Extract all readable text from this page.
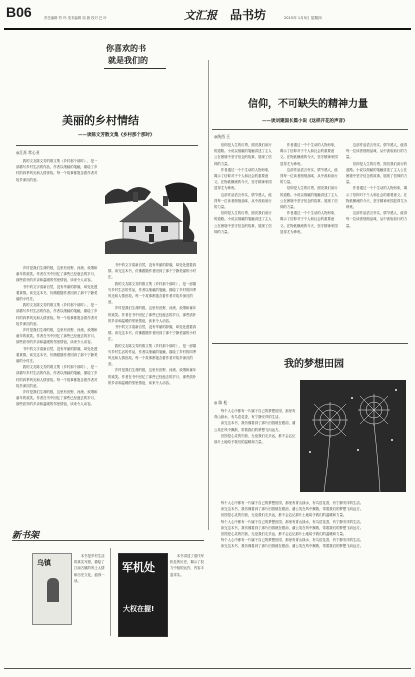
B06	责任编辑 符 玛 美术编辑 周 薇 校对 巴 叶	文汇报 品书坊	2015年 1月5日 星期四
你喜欢的书
就是我们的
美丽的乡村情结
——读陈文芳散文集《乡村那个那时》
◎江苏 常心亚

我的文友陈文芳的散文集《乡村那个那时》，是一部描写乡村生活的作品，作者以细腻的笔触，描绘了乡村的四季风光和人情世故。每一个故事都饱含着作者对故乡深沉的爱。

乡村是我们生命的根，这里有田野、河流、炊烟和童年的欢笑。作者在书中回忆了那些已经逝去的岁月，那些质朴的乡亲和温暖的邻里情谊，读来令人动容。

书中的文字清新自然，没有华丽的辞藻，却处处透着真情。读完这本书，仿佛跟随作者回到了那个宁静美丽的小村庄。

我的文友陈文芳的散文集《乡村那个那时》，是一部描写乡村生活的作品，作者以细腻的笔触，描绘了乡村的四季风光和人情世故。每一个故事都饱含着作者对故乡深沉的爱。

乡村是我们生命的根，这里有田野、河流、炊烟和童年的欢笑。作者在书中回忆了那些已经逝去的岁月，那些质朴的乡亲和温暖的邻里情谊，读来令人动容。

书中的文字清新自然，没有华丽的辞藻，却处处透着真情。读完这本书，仿佛跟随作者回到了那个宁静美丽的小村庄。

我的文友陈文芳的散文集《乡村那个那时》，是一部描写乡村生活的作品，作者以细腻的笔触，描绘了乡村的四季风光和人情世故。每一个故事都饱含着作者对故乡深沉的爱。

乡村是我们生命的根，这里有田野、河流、炊烟和童年的欢笑。作者在书中回忆了那些已经逝去的岁月，那些质朴的乡亲和温暖的邻里情谊，读来令人动容。

书中的文字清新自然，没有华丽的辞藻，却处处透着真情。读完这本书，仿佛跟随作者回到了那个宁静美丽的小村庄。

我的文友陈文芳的散文集《乡村那个那时》，是一部描写乡村生活的作品，作者以细腻的笔触，描绘了乡村的四季风光和人情世故。每一个故事都饱含着作者对故乡深沉的爱。

乡村是我们生命的根，这里有田野、河流、炊烟和童年的欢笑。作者在书中回忆了那些已经逝去的岁月，那些质朴的乡亲和温暖的邻里情谊，读来令人动容。

书中的文字清新自然，没有华丽的辞藻，却处处透着真情。读完这本书，仿佛跟随作者回到了那个宁静美丽的小村庄。

我的文友陈文芳的散文集《乡村那个那时》，是一部描写乡村生活的作品，作者以细腻的笔触，描绘了乡村的四季风光和人情世故。每一个故事都饱含着作者对故乡深沉的爱。

乡村是我们生命的根，这里有田野、河流、炊烟和童年的欢笑。作者在书中回忆了那些已经逝去的岁月，那些质朴的乡亲和温暖的邻里情谊，读来令人动容。

信仰，不可缺失的精神力量
——读刘建国长篇小说《这样开花的声音》
◎陕西 王

信仰是人生的灯塔，照亮我们前行的道路。小说以细腻的笔触讲述了主人公在困境中坚守信念的故事，展现了信仰的力量。

作者通过一个个生动的人物形象，揭示了信仰对于个人和社会的重要意义。在物欲横流的今天，坚守精神家园显得尤为珍贵。

这部作品语言朴实，情节感人，值得每一位读者细细品味，从中汲取前行的力量。

信仰是人生的灯塔，照亮我们前行的道路。小说以细腻的笔触讲述了主人公在困境中坚守信念的故事，展现了信仰的力量。

作者通过一个个生动的人物形象，揭示了信仰对于个人和社会的重要意义。在物欲横流的今天，坚守精神家园显得尤为珍贵。

这部作品语言朴实，情节感人，值得每一位读者细细品味，从中汲取前行的力量。

信仰是人生的灯塔，照亮我们前行的道路。小说以细腻的笔触讲述了主人公在困境中坚守信念的故事，展现了信仰的力量。

作者通过一个个生动的人物形象，揭示了信仰对于个人和社会的重要意义。在物欲横流的今天，坚守精神家园显得尤为珍贵。

这部作品语言朴实，情节感人，值得每一位读者细细品味，从中汲取前行的力量。

信仰是人生的灯塔，照亮我们前行的道路。小说以细腻的笔触讲述了主人公在困境中坚守信念的故事，展现了信仰的力量。

作者通过一个个生动的人物形象，揭示了信仰对于个人和社会的重要意义。在物欲横流的今天，坚守精神家园显得尤为珍贵。

这部作品语言朴实，情节感人，值得每一位读者细细品味，从中汲取前行的力量。

我的梦想田园
◎ 陈 松

每个人心中都有一片属于自己的梦想田园，那里有青山绿水，有鸟语花香，有宁静安详的生活。

读完这本书，我仿佛看到了那片田园就在眼前，蒲公英在风中飘散，带着我们的梦想飞向远方。

田园是心灵的归宿，无论我们走多远，都不会忘记那片土地给予我们的温暖和力量。

每个人心中都有一片属于自己的梦想田园，那里有青山绿水，有鸟语花香，有宁静安详的生活。

读完这本书，我仿佛看到了那片田园就在眼前，蒲公英在风中飘散，带着我们的梦想飞向远方。

田园是心灵的归宿，无论我们走多远，都不会忘记那片土地给予我们的温暖和力量。

每个人心中都有一片属于自己的梦想田园，那里有青山绿水，有鸟语花香，有宁静安详的生活。

读完这本书，我仿佛看到了那片田园就在眼前，蒲公英在风中飘散，带着我们的梦想飞向远方。

田园是心灵的归宿，无论我们走多远，都不会忘记那片土地给予我们的温暖和力量。

每个人心中都有一片属于自己的梦想田园，那里有青山绿水，有鸟语花香，有宁静安详的生活。

读完这本书，我仿佛看到了那片田园就在眼前，蒲公英在风中飘散，带着我们的梦想飞向远方。

新书架
乌镇

本书是乡村生活的真实写照，描绘了江南古镇的风土人情和历史文化，值得一读。

军机处
大权在握!

本书讲述了清代军机处的历史，揭示了权力中枢的运作，内容丰富详实。
